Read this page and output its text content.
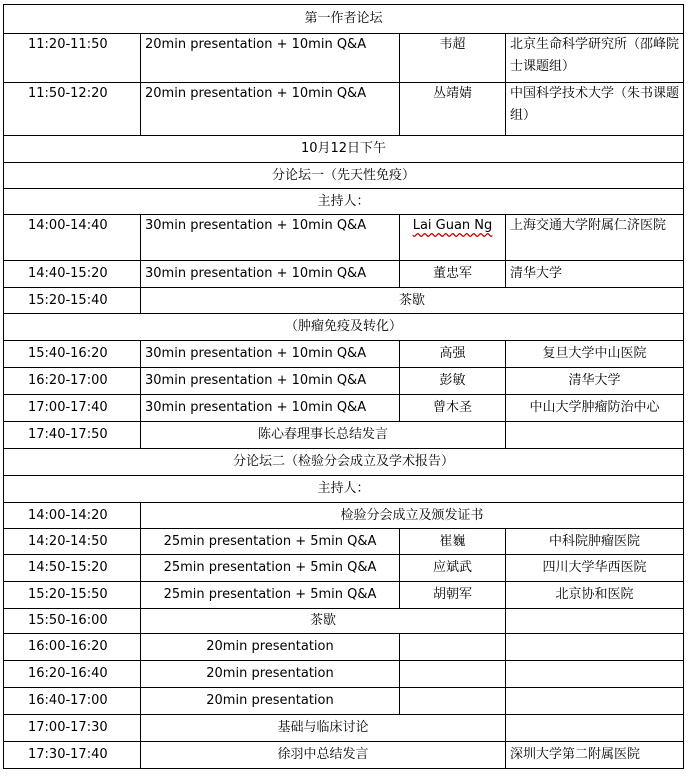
第一作者论坛			
11:20-11:50	20min presentation + 10min Q&A	韦超	北京生命科学研究所（邵峰院士课题组）
11:50-12:20	20min presentation + 10min Q&A	丛靖婧	中国科学技术大学（朱书课题组）
10月12日下午			
分论坛一（先天性免疫）			
主持人：			
14:00-14:40	30min presentation + 10min Q&A	Lai Guan Ng	上海交通大学附属仁济医院
14:40-15:20	30min presentation + 10min Q&A	董忠军	清华大学
15:20-15:40	茶歇		
（肿瘤免疫及转化）			
15:40-16:20	30min presentation + 10min Q&A	高强	复旦大学中山医院
16:20-17:00	30min presentation + 10min Q&A	彭敏	清华大学
17:00-17:40	30min presentation + 10min Q&A	曾木圣	中山大学肿瘤防治中心
17:40-17:50	陈心春理事长总结发言		
分论坛二（检验分会成立及学术报告）			
主持人：			
14:00-14:20	检验分会成立及颁发证书		
14:20-14:50	25min presentation + 5min Q&A	崔巍	中科院肿瘤医院
14:50-15:20	25min presentation + 5min Q&A	应斌武	四川大学华西医院
15:20-15:50	25min presentation + 5min Q&A	胡朝军	北京协和医院
15:50-16:00	茶歇		
16:00-16:20	20min presentation		
16:20-16:40	20min presentation		
16:40-17:00	20min presentation		
17:00-17:30	基础与临床讨论		
17:30-17:40	徐羽中总结发言		深圳大学第二附属医院
